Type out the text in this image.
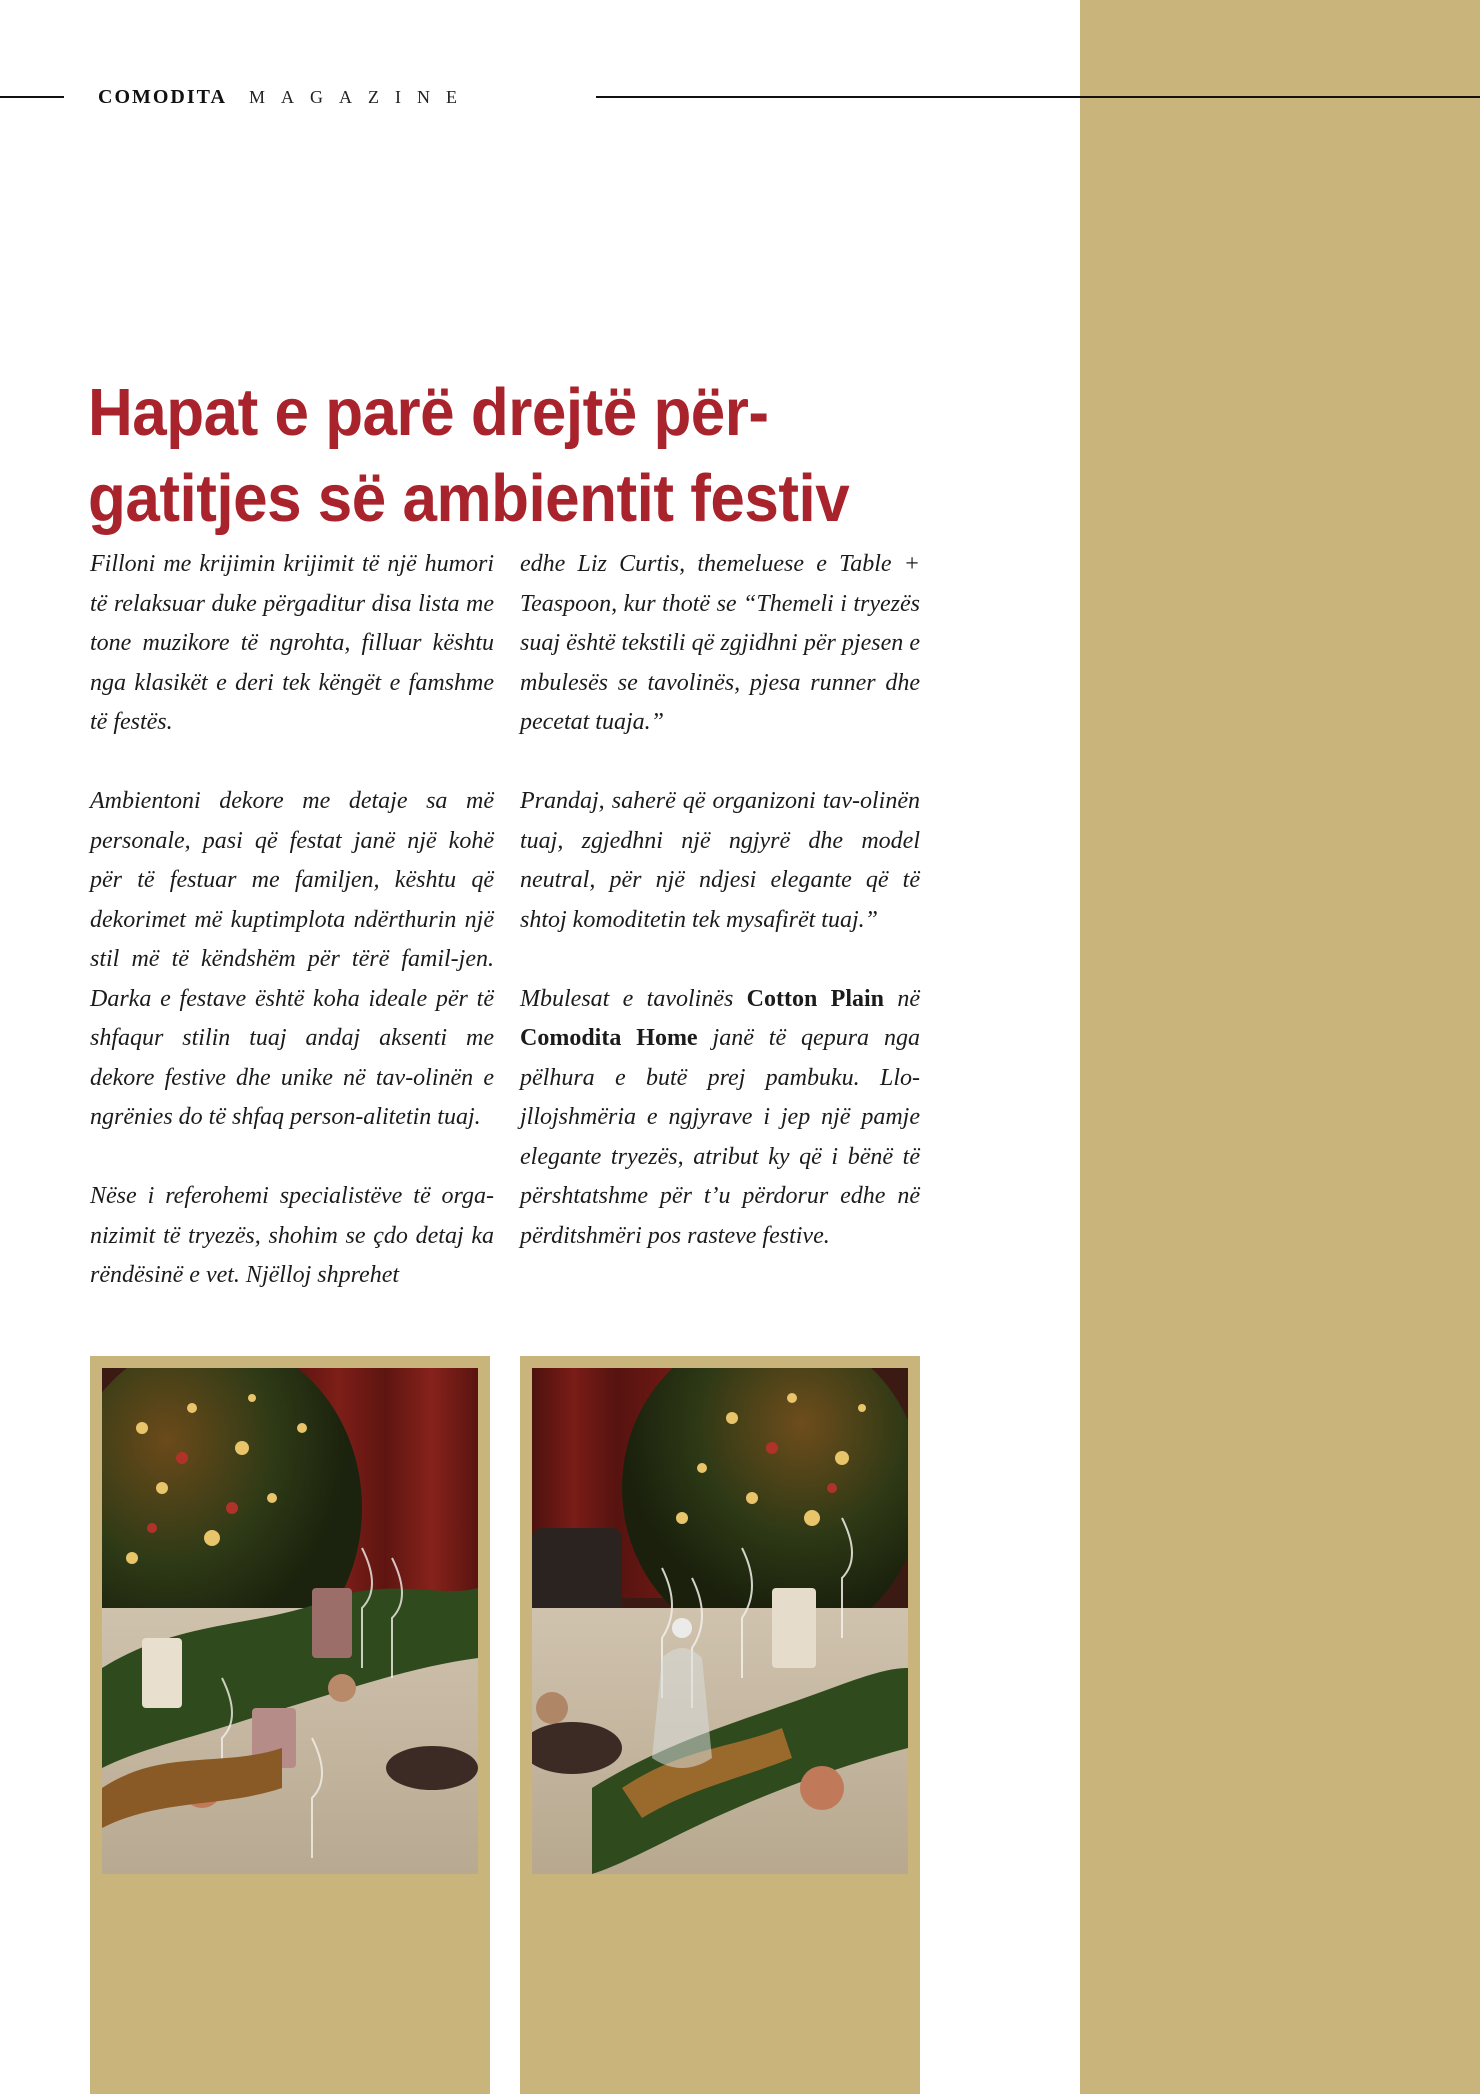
COMODITA MAGAZINE
Hapat e parë drejtë për-gatitjes së ambientit festiv

Filloni me krijimin krijimit të një humori të relaksuar duke përgaditur disa lista me tone muzikore të ngrohta, filluar kështu nga klasikët e deri tek këngët e famshme të festës.

Ambientoni dekore me detaje sa më personale, pasi që festat janë një kohë për të festuar me familjen, kështu që dekorimet më kuptimplota ndërthurin një stil më të këndshëm për tërë famil-jen. Darka e festave është koha ideale për të shfaqur stilin tuaj andaj aksenti me dekore festive dhe unike në tav-olinën e ngrënies do të shfaq person-alitetin tuaj.

Nëse i referohemi specialistëve të orga-nizimit të tryezës, shohim se çdo detaj ka rëndësinë e vet. Njëlloj shprehet

edhe Liz Curtis, themeluese e Table + Teaspoon, kur thotë se “Themeli i tryezës suaj është tekstili që zgjidhni për pjesen e mbulesës se tavolinës, pjesa runner dhe pecetat tuaja.”

Prandaj, saherë që organizoni tav-olinën tuaj, zgjedhni një ngjyrë dhe model neutral, për një ndjesi elegante që të shtoj komoditetin tek mysafirët tuaj.”

Mbulesat e tavolinës Cotton Plain në Comodita Home janë të qepura nga pëlhura e butë prej pambuku. Llo-jllojshmëria e ngjyrave i jep një pamje elegante tryezës, atribut ky që i bënë të përshtatshme për t’u përdorur edhe në përditshmëri pos rasteve festive.
